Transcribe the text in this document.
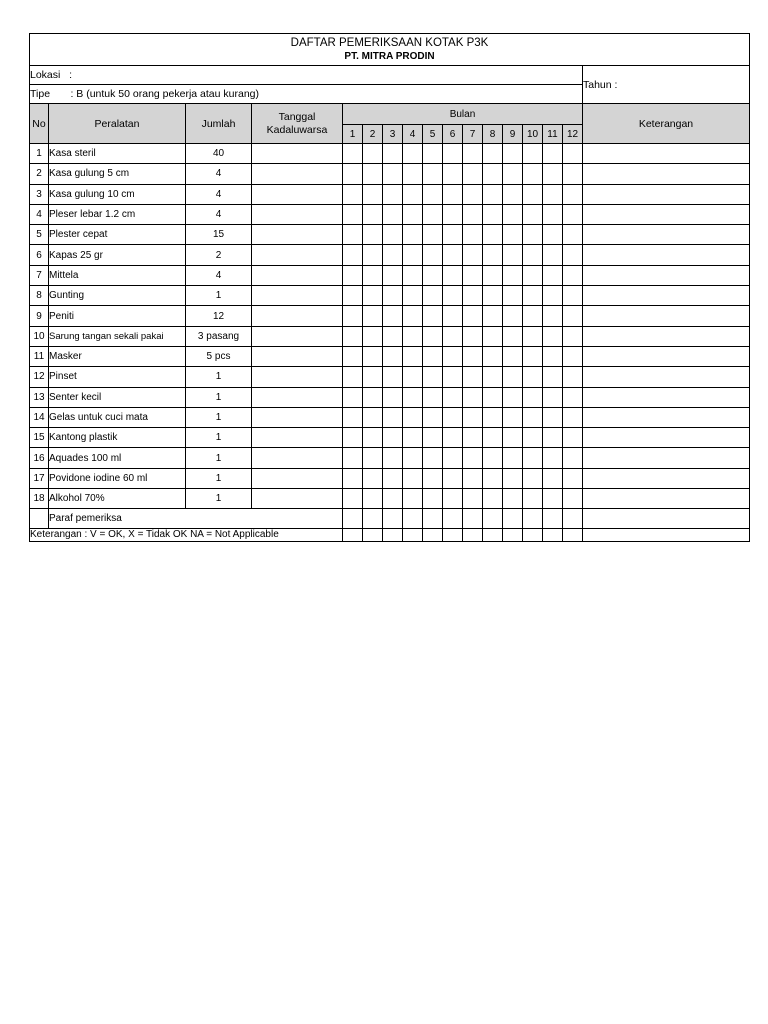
DAFTAR PEMERIKSAAN KOTAK P3K
PT. MITRA PRODIN																

Lokasi   :																Tahun :
Tipe       : B (untuk 50 orang pekerja atau kurang)																
No	Peralatan	Jumlah	Tanggal Kadaluwarsa	Bulan												Keterangan
				1	2	3	4	5	6	7	8	9	10	11	12	
1	Kasa steril	40														
2	Kasa gulung 5 cm	4														
3	Kasa gulung 10 cm	4														
4	Pleser lebar 1.2 cm	4														
5	Plester cepat	15														
6	Kapas 25 gr	2														
7	Mittela	4														
8	Gunting	1														
9	Peniti	12														
10	Sarung tangan sekali pakai	3 pasang														
11	Masker	5 pcs														
12	Pinset	1														
13	Senter kecil	1														
14	Gelas untuk cuci mata	1														
15	Kantong plastik	1														
16	Aquades 100 ml	1														
17	Povidone iodine 60 ml	1														
18	Alkohol 70%	1														
	Paraf pemeriksa															
Keterangan : V = OK, X = Tidak OK NA = Not Applicable																
